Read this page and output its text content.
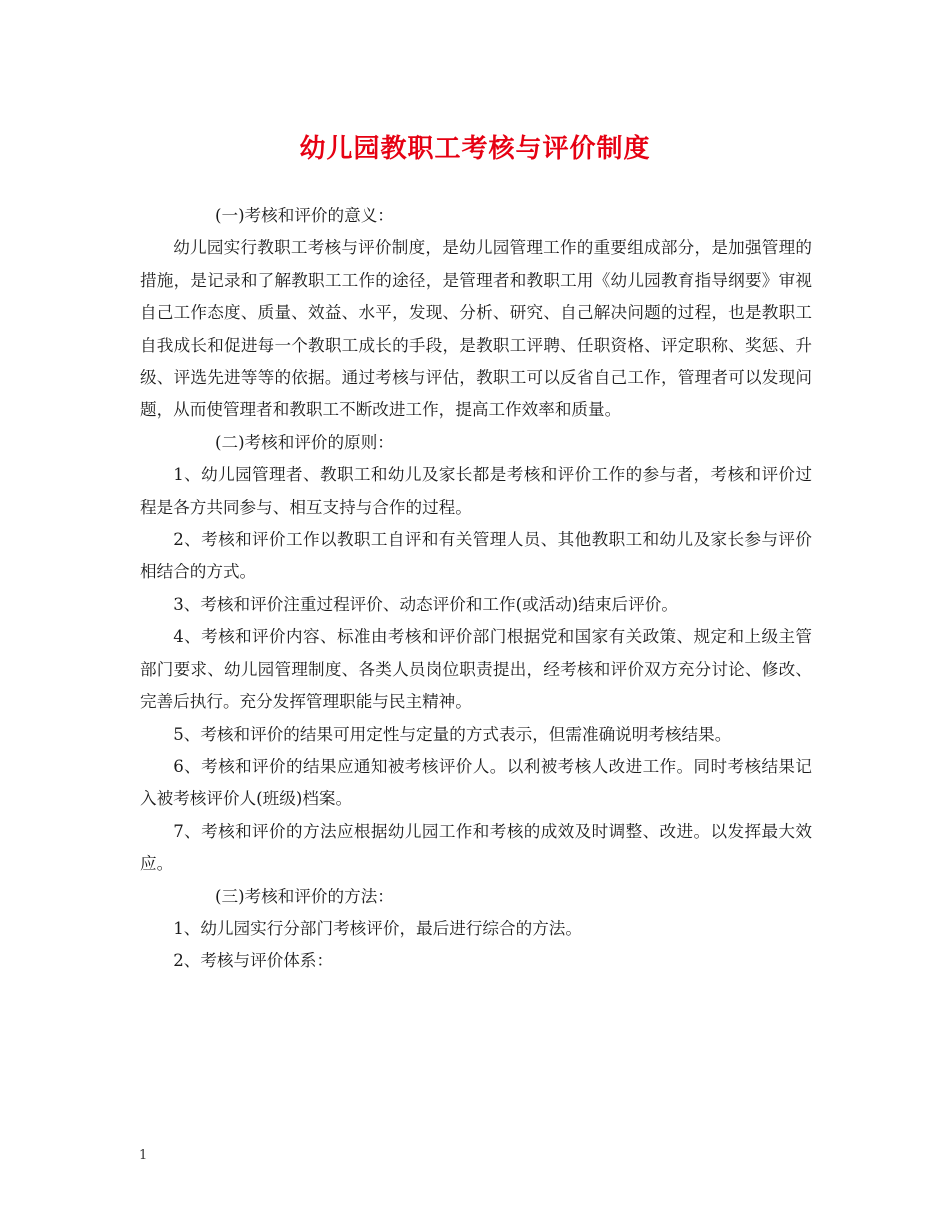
幼儿园教职工考核与评价制度

(一)考核和评价的意义：

幼儿园实行教职工考核与评价制度，是幼儿园管理工作的重要组成部分，是加强管理的措施，是记录和了解教职工工作的途径，是管理者和教职工用《幼儿园教育指导纲要》审视自己工作态度、质量、效益、水平，发现、分析、研究、自己解决问题的过程，也是教职工自我成长和促进每一个教职工成长的手段，是教职工评聘、任职资格、评定职称、奖惩、升级、评选先进等等的依据。通过考核与评估，教职工可以反省自己工作，管理者可以发现问题，从而使管理者和教职工不断改进工作，提高工作效率和质量。

(二)考核和评价的原则：

1、幼儿园管理者、教职工和幼儿及家长都是考核和评价工作的参与者，考核和评价过程是各方共同参与、相互支持与合作的过程。

2、考核和评价工作以教职工自评和有关管理人员、其他教职工和幼儿及家长参与评价相结合的方式。

3、考核和评价注重过程评价、动态评价和工作(或活动)结束后评价。

4、考核和评价内容、标准由考核和评价部门根据党和国家有关政策、规定和上级主管部门要求、幼儿园管理制度、各类人员岗位职责提出，经考核和评价双方充分讨论、修改、完善后执行。充分发挥管理职能与民主精神。

5、考核和评价的结果可用定性与定量的方式表示，但需准确说明考核结果。

6、考核和评价的结果应通知被考核评价人。以利被考核人改进工作。同时考核结果记入被考核评价人(班级)档案。

7、考核和评价的方法应根据幼儿园工作和考核的成效及时调整、改进。以发挥最大效应。

(三)考核和评价的方法：

1、幼儿园实行分部门考核评价，最后进行综合的方法。

2、考核与评价体系：

1
